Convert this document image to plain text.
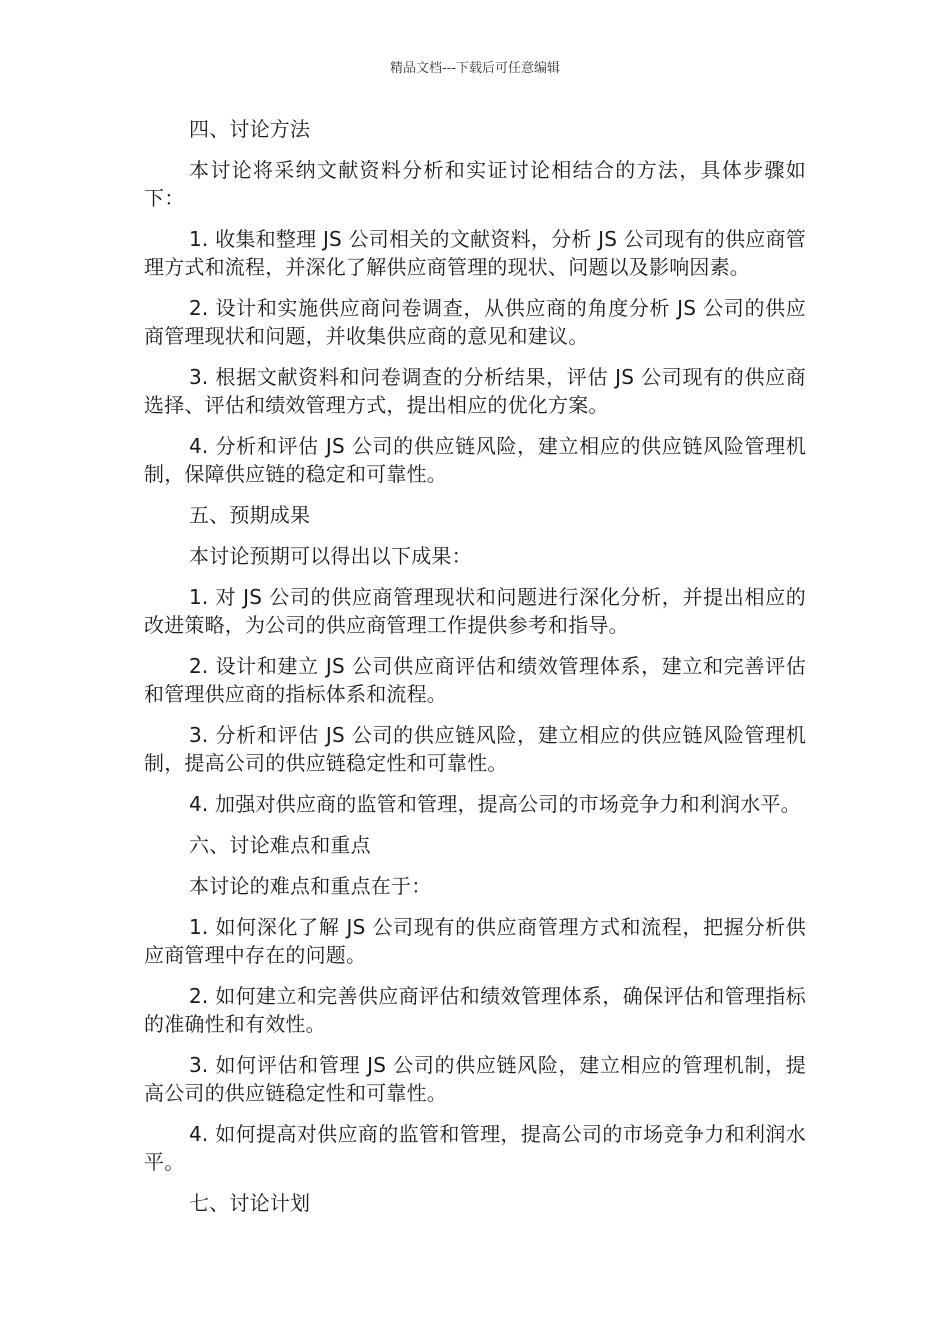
精品文档---下载后可任意编辑

四、讨论方法

本讨论将采纳文献资料分析和实证讨论相结合的方法，具体步骤如下：

1. 收集和整理 JS 公司相关的文献资料，分析 JS 公司现有的供应商管理方式和流程，并深化了解供应商管理的现状、问题以及影响因素。

2. 设计和实施供应商问卷调查，从供应商的角度分析 JS 公司的供应商管理现状和问题，并收集供应商的意见和建议。

3. 根据文献资料和问卷调查的分析结果，评估 JS 公司现有的供应商选择、评估和绩效管理方式，提出相应的优化方案。

4. 分析和评估 JS 公司的供应链风险，建立相应的供应链风险管理机制，保障供应链的稳定和可靠性。

五、预期成果

本讨论预期可以得出以下成果：

1. 对 JS 公司的供应商管理现状和问题进行深化分析，并提出相应的改进策略，为公司的供应商管理工作提供参考和指导。

2. 设计和建立 JS 公司供应商评估和绩效管理体系，建立和完善评估和管理供应商的指标体系和流程。

3. 分析和评估 JS 公司的供应链风险，建立相应的供应链风险管理机制，提高公司的供应链稳定性和可靠性。

4. 加强对供应商的监管和管理，提高公司的市场竞争力和利润水平。

六、讨论难点和重点

本讨论的难点和重点在于：

1. 如何深化了解 JS 公司现有的供应商管理方式和流程，把握分析供应商管理中存在的问题。

2. 如何建立和完善供应商评估和绩效管理体系，确保评估和管理指标的准确性和有效性。

3. 如何评估和管理 JS 公司的供应链风险，建立相应的管理机制，提高公司的供应链稳定性和可靠性。

4. 如何提高对供应商的监管和管理，提高公司的市场竞争力和利润水平。

七、讨论计划
